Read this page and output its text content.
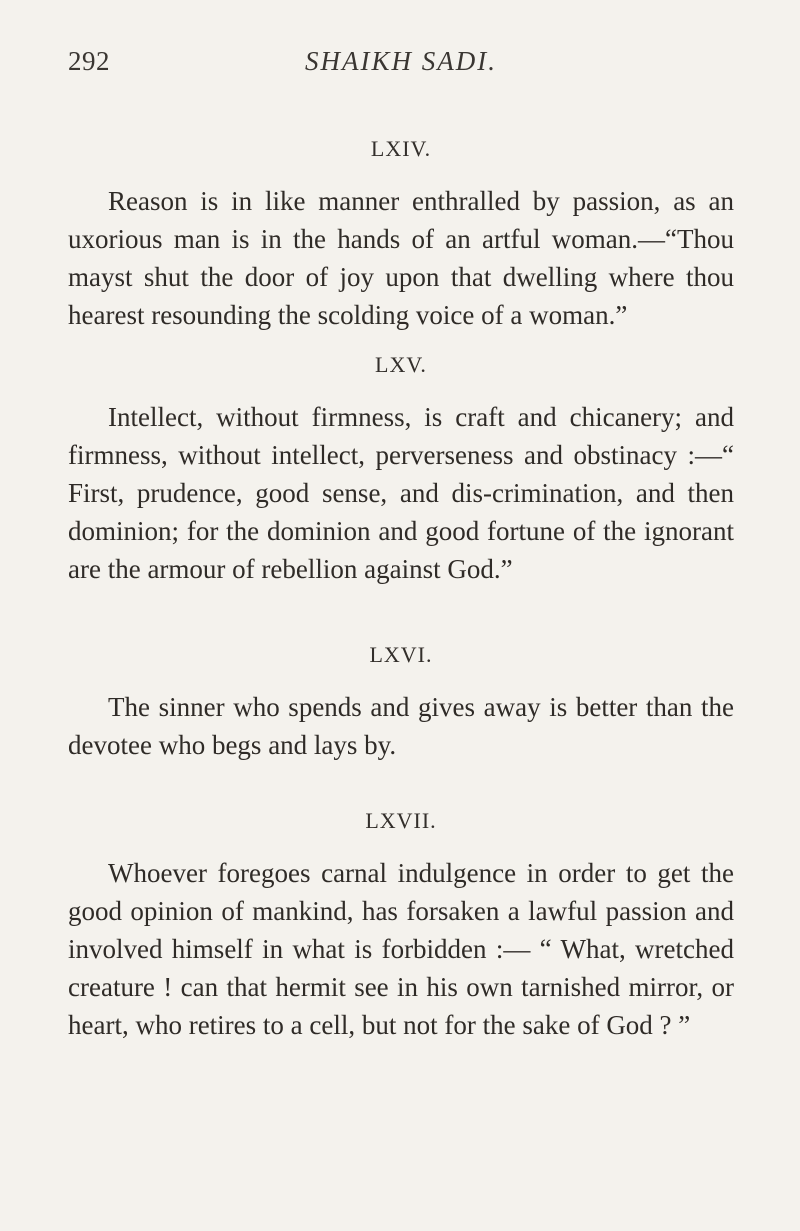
292	SHAIKH SADI.
LXIV.

Reason is in like manner enthralled by passion, as an uxorious man is in the hands of an artful woman.—“Thou mayst shut the door of joy upon that dwelling where thou hearest resounding the scolding voice of a woman.”

LXV.

Intellect, without firmness, is craft and chicanery; and firmness, without intellect, perverseness and obstinacy :—“ First, prudence, good sense, and dis-crimination, and then dominion; for the dominion and good fortune of the ignorant are the armour of rebellion against God.”

LXVI.

The sinner who spends and gives away is better than the devotee who begs and lays by.

LXVII.

Whoever foregoes carnal indulgence in order to get the good opinion of mankind, has forsaken a lawful passion and involved himself in what is forbidden :— “ What, wretched creature ! can that hermit see in his own tarnished mirror, or heart, who retires to a cell, but not for the sake of God ? ”
